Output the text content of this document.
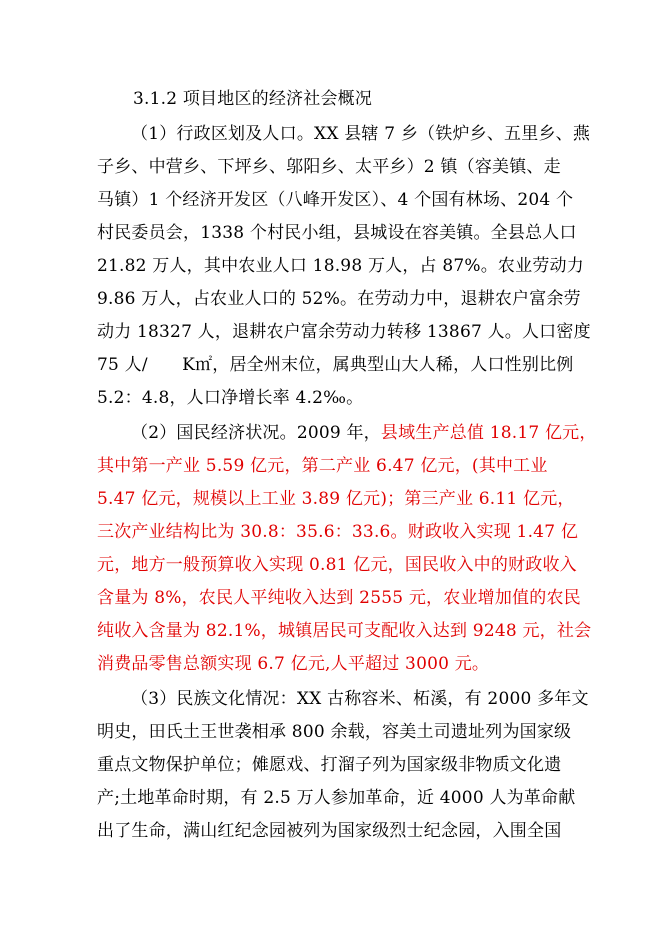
3.1.2 项目地区的经济社会概况
（1）行政区划及人口。XX 县辖 7 乡（铁炉乡、五里乡、燕
子乡、中营乡、下坪乡、邬阳乡、太平乡）2 镇（容美镇、走
马镇）1 个经济开发区（八峰开发区）、4 个国有林场、204 个
村民委员会，1338 个村民小组，县城设在容美镇。全县总人口
21.82 万人，其中农业人口 18.98 万人，占 87%。农业劳动力
9.86 万人，占农业人口的 52%。在劳动力中，退耕农户富余劳
动力 18327 人，退耕农户富余劳动力转移 13867 人。人口密度
75 人/　　K㎡，居全州末位，属典型山大人稀，人口性别比例
5.2：4.8，人口净增长率 4.2‰。
（2）国民经济状况。2009 年，县域生产总值 18.17 亿元，
其中第一产业 5.59 亿元，第二产业 6.47 亿元，(其中工业
5.47 亿元，规模以上工业 3.89 亿元)；第三产业 6.11 亿元，
三次产业结构比为 30.8：35.6：33.6。财政收入实现 1.47 亿
元，地方一般预算收入实现 0.81 亿元，国民收入中的财政收入
含量为 8%，农民人平纯收入达到 2555 元，农业增加值的农民
纯收入含量为 82.1%，城镇居民可支配收入达到 9248 元，社会
消费品零售总额实现 6.7 亿元,人平超过 3000 元。
（3）民族文化情况：XX 古称容米、柘溪，有 2000 多年文
明史，田氏土王世袭相承 800 余载，容美土司遗址列为国家级
重点文物保护单位；傩愿戏、打溜子列为国家级非物质文化遗
产;土地革命时期，有 2.5 万人参加革命，近 4000 人为革命献
出了生命，满山红纪念园被列为国家级烈士纪念园，入围全国
